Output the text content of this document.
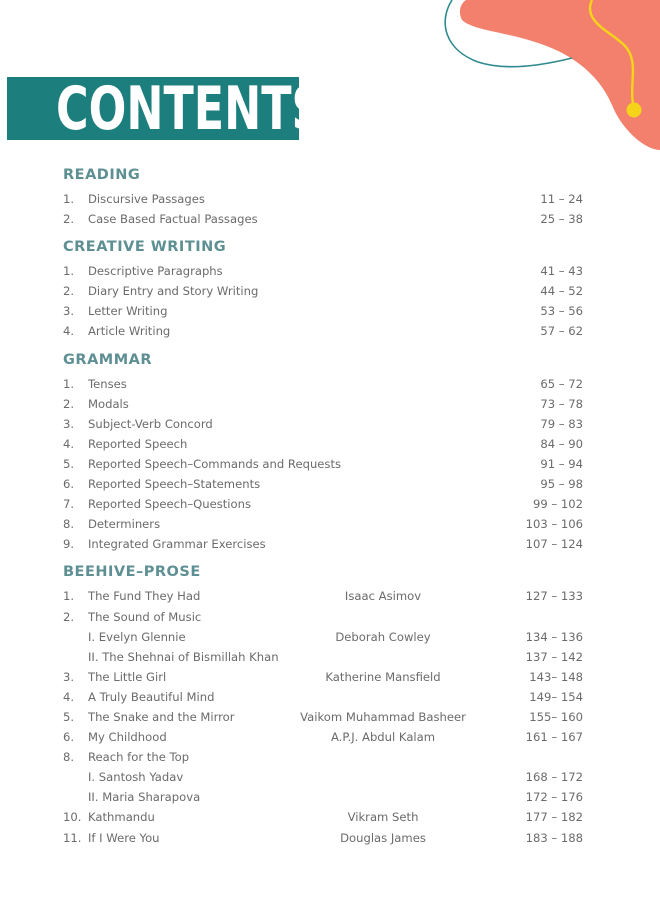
CONTENTS
READING
1. Discursive Passages	11 – 24
2. Case Based Factual Passages	25 – 38
CREATIVE WRITING
1. Descriptive Paragraphs	41 – 43
2. Diary Entry and Story Writing	44 – 52
3. Letter Writing	53 – 56
4. Article Writing	57 – 62
GRAMMAR
1. Tenses	65 – 72
2. Modals	73 – 78
3. Subject-Verb Concord	79 – 83
4. Reported Speech	84 – 90
5. Reported Speech–Commands and Requests	91 – 94
6. Reported Speech–Statements	95 – 98
7. Reported Speech–Questions	99 – 102
8. Determiners	103 – 106
9. Integrated Grammar Exercises	107 – 124
BEEHIVE–PROSE
1. The Fund They Had	Isaac Asimov	127 – 133
2. The Sound of Music
I. Evelyn Glennie	Deborah Cowley	134 – 136
II. The Shehnai of Bismillah Khan	137 – 142
3. The Little Girl	Katherine Mansfield	143– 148
4. A Truly Beautiful Mind	149– 154
5. The Snake and the Mirror	Vaikom Muhammad Basheer	155– 160
6. My Childhood	A.P.J. Abdul Kalam	161 – 167
8. Reach for the Top
I. Santosh Yadav	168 – 172
II. Maria Sharapova	172 – 176
10. Kathmandu	Vikram Seth	177 – 182
11. If I Were You	Douglas James	183 – 188
